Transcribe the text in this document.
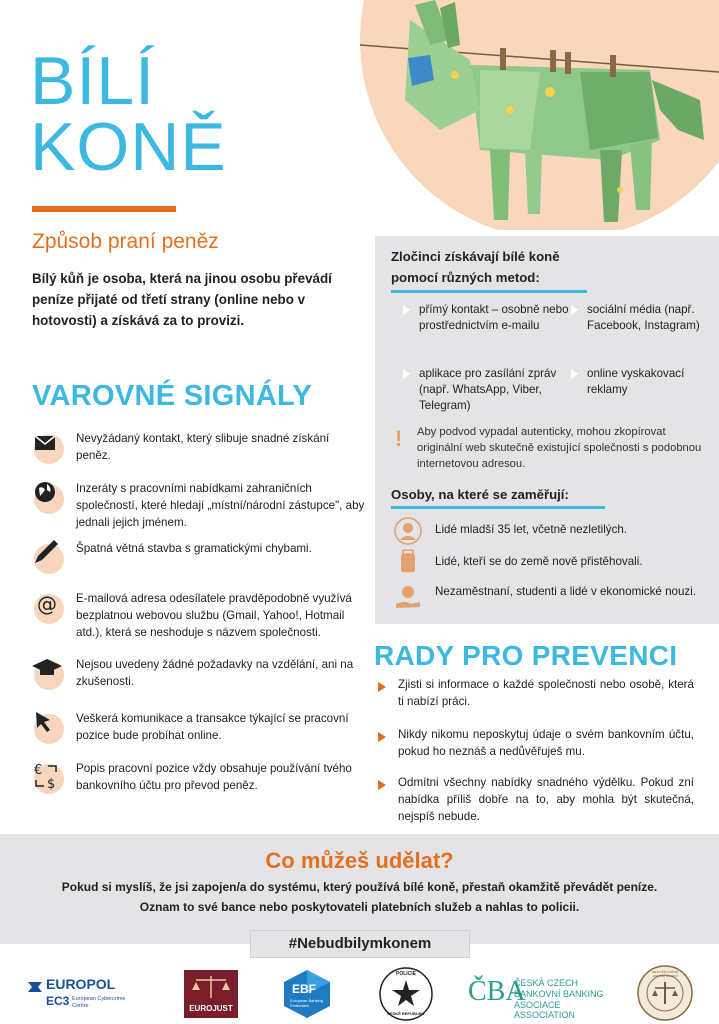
BÍLÍ
KONĚ
Způsob praní peněz

Bílý kůň je osoba, která na jinou osobu převádí peníze přijaté od třetí strany (online nebo v hotovosti) a získává za to provizi.

VAROVNÉ SIGNÁLY

Nevyžádaný kontakt, který slibuje snadné získání peněz.

Inzeráty s pracovními nabídkami zahraničních společností, které hledají „místní/národní zástupce", aby jednali jejich jménem.

Špatná větná stavba s gramatickými chybami.

@ E-mailová adresa odesílatele pravděpodobně využívá bezplatnou webovou službu (Gmail, Yahoo!, Hotmail atd.), která se neshoduje s názvem společnosti.

Nejsou uvedeny žádné požadavky na vzdělání, ani na zkušenosti.

Veškerá komunikace a transakce týkající se pracovní pozice bude probíhat online.

€
$

Popis pracovní pozice vždy obsahuje používání tvého bankovního účtu pro převod peněz.

Zločinci získávají bílé koně
pomocí různých metod:
přímý kontakt – osobně nebo prostřednictvím e-mailu
sociální média (např. Facebook, Instagram)
aplikace pro zasílání zpráv (např. WhatsApp, Viber, Telegram)
online vyskakovací reklamy
! Aby podvod vypadal autenticky, mohou zkopírovat originální web skutečně existující společnosti s podobnou internetovou adresou.

Osoby, na které se zaměřují:

Lidé mladší 35 let, včetně nezletilých.

Lidé, kteří se do země nově přistěhovali.

Nezaměstnaní, studenti a lidé v ekonomické nouzi.

RADY PRO PREVENCI

Zjisti si informace o každé společnosti nebo osobě, která ti nabízí práci.

Nikdy nikomu neposkytuj údaje o svém bankovním účtu, pokud ho neznáš a nedůvěřuješ mu.

Odmítni všechny nabídky snadného výdělku. Pokud zní nabídka příliš dobře na to, aby mohla být skutečná, nejspíš nebude.

Co můžeš udělat?

Pokud si myslíš, že jsi zapojen/a do systému, který používá bílé koně, přestaň okamžitě převádět peníze.

Oznam to své bance nebo poskytovateli platebních služeb a nahlas to policii.

#Nebudbilymkonem
EUROPOL
EC3 European Cybercrime Centre	EUROJUST
EBF
European Banking Federation
POLICIE
ČESKÉ REPUBLIKY
ČBA
ČESKÁ CZECH
BANKOVNÍ BANKING
ASOCIACE ASSOCIATION
NEJVYŠŠÍ STÁTNÍ ZASTUPITELSTVÍ
